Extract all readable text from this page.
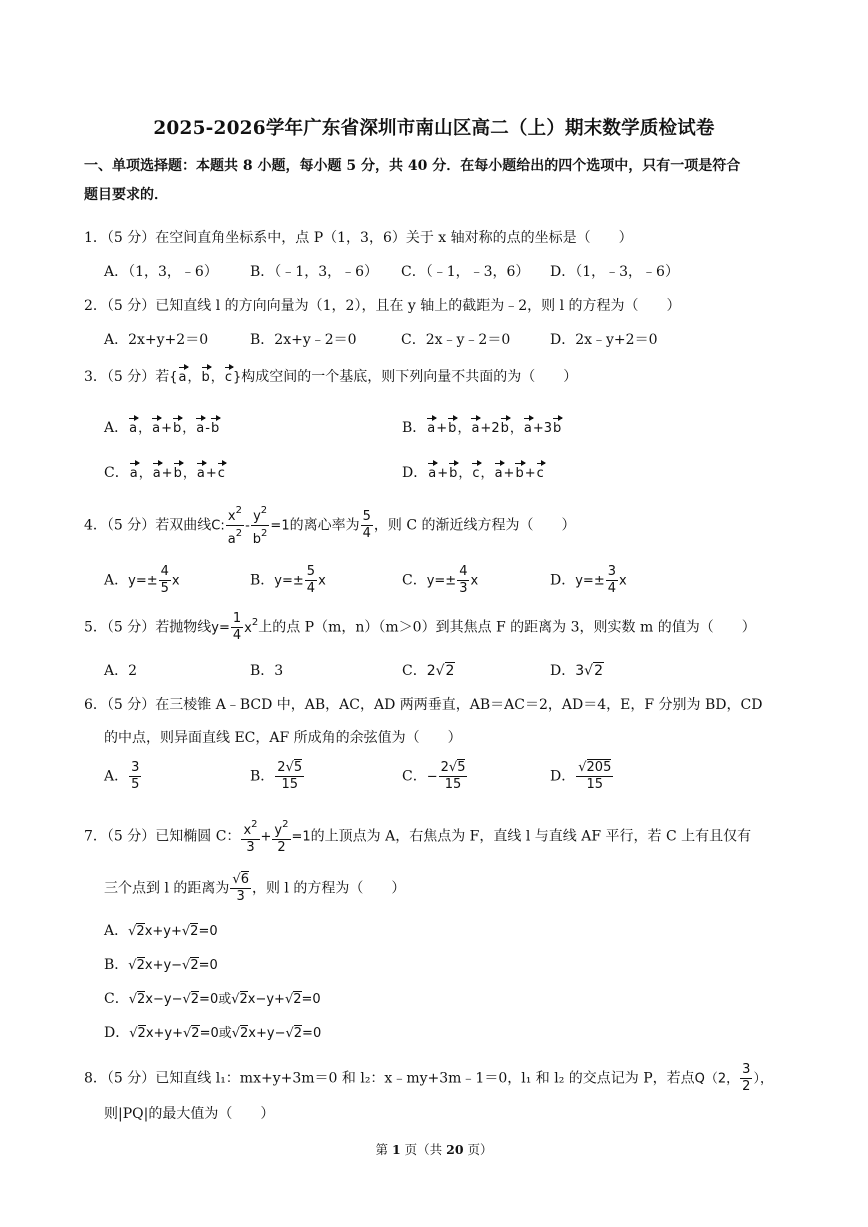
2025-2026学年广东省深圳市南山区高二（上）期末数学质检试卷
一、单项选择题：本题共 8 小题，每小题 5 分，共 40 分．在每小题给出的四个选项中，只有一项是符合
题目要求的．
1．（5 分）在空间直角坐标系中，点 P（1，3，6）关于 x 轴对称的点的坐标是（　　）
A．（1，3，﹣6） B．（﹣1，3，﹣6） C．（﹣1，﹣3，6） D．（1，﹣3，﹣6）
2．（5 分）已知直线 l 的方向向量为（1，2），且在 y 轴上的截距为﹣2，则 l 的方程为（　　）
A．2x+y+2＝0	B．2x+y﹣2＝0	C．2x﹣y﹣2＝0	D．2x﹣y+2＝0
3．（5 分）若{a，b，c}构成空间的一个基底，则下列向量不共面的为（　　）
A．a，a+b，a-b	B．a+b，a+2b，a+3b
C．a，a+b，a+c	D．a+b，c，a+b+c
4．（5 分）若双曲线C: $\frac{x^2}{a^2} - \frac{y^2}{b^2} =1$的离心率为 $\frac{5}{4}$ ，则 C 的渐近线方程为（　　）
A．$y=\pm \frac{4}{5}$ x	B．$y=\pm \frac{5}{4}$ x	C．$y=\pm \frac{4}{3}$ x	D．$y=\pm \frac{3}{4}$ x
5．（5 分）若抛物线$y= \frac{1}{4} x^2$上的点 P（m，n）（m＞0）到其焦点 F 的距离为 3，则实数 m 的值为（　　）
A．2	B．3	C．2√2	D．3√2
6．（5 分）在三棱锥 A﹣BCD 中，AB，AC，AD 两两垂直，AB＝AC＝2，AD＝4，E，F 分别为 BD，CD
的中点，则异面直线 EC，AF 所成角的余弦值为（　　）
A． $\frac{3}{5}$	B． $\frac{2√5}{15}$	C．− $\frac{2√5}{15}$	D． $\frac{√205}{15}$
7．（5 分）已知椭圆 C： $\frac{x^2}{3} + \frac{y^2}{2} =1$的上顶点为 A，右焦点为 F，直线 l 与直线 AF 平行，若 C 上有且仅有
三个点到 l 的距离为 $\frac{√6}{3}$ ，则 l 的方程为（　　）
A．√2x+y+√2=0
B．√2x+y−√2=0
C．√2x−y−√2=0或√2x−y+√2=0
D．√2x+y+√2=0或√2x+y−√2=0
8．（5 分）已知直线 l₁：mx+y+3m＝0 和 l₂：x﹣my+3m﹣1＝0，l₁ 和 l₂ 的交点记为 P，若点Q（2， $\frac{3}{2}$ ），
则|PQ|的最大值为（　　）
第 1 页（共 20 页）
